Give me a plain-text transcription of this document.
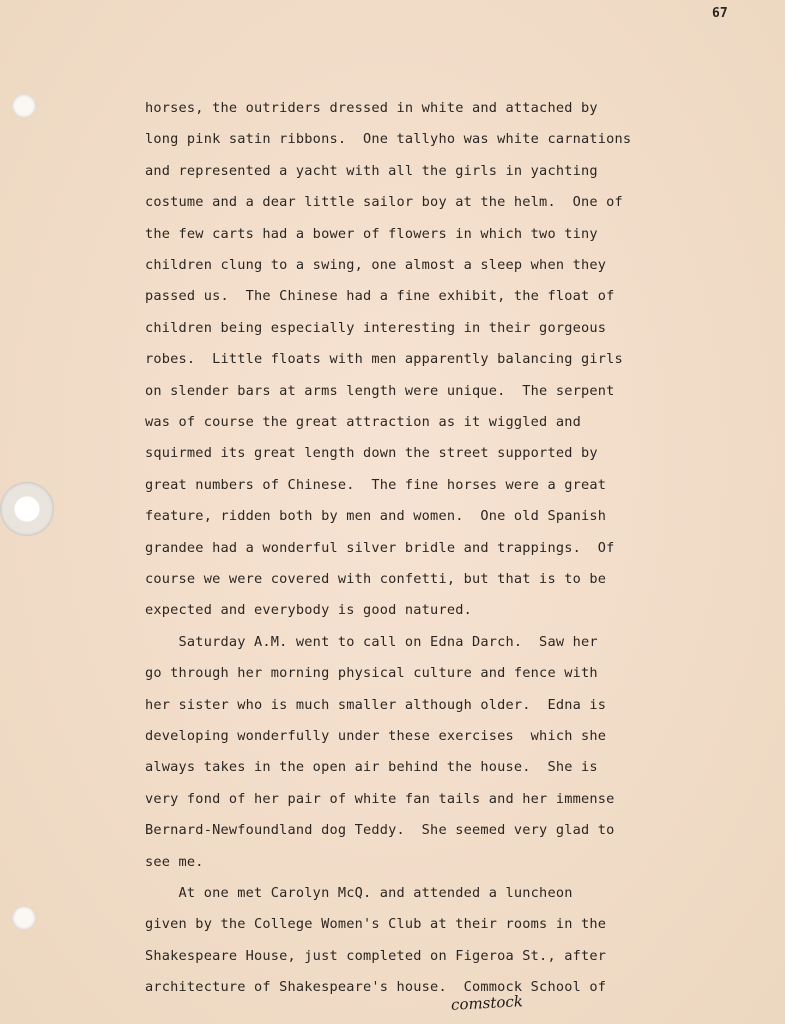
67
horses, the outriders dressed in white and attached by
long pink satin ribbons.  One tallyho was white carnations
and represented a yacht with all the girls in yachting
costume and a dear little sailor boy at the helm.  One of
the few carts had a bower of flowers in which two tiny
children clung to a swing, one almost a sleep when they
passed us.  The Chinese had a fine exhibit, the float of
children being especially interesting in their gorgeous
robes.  Little floats with men apparently balancing girls
on slender bars at arms length were unique.  The serpent
was of course the great attraction as it wiggled and
squirmed its great length down the street supported by
great numbers of Chinese.  The fine horses were a great
feature, ridden both by men and women.  One old Spanish
grandee had a wonderful silver bridle and trappings.  Of
course we were covered with confetti, but that is to be
expected and everybody is good natured.
Saturday A.M. went to call on Edna Darch.  Saw her
go through her morning physical culture and fence with
her sister who is much smaller although older.  Edna is
developing wonderfully under these exercises  which she
always takes in the open air behind the house.  She is
very fond of her pair of white fan tails and her immense
Bernard-Newfoundland dog Teddy.  She seemed very glad to
see me.
At one met Carolyn McQ. and attended a luncheon
given by the College Women's Club at their rooms in the
Shakespeare House, just completed on Figeroa St., after
architecture of Shakespeare's house.  Commock School of
comstock
